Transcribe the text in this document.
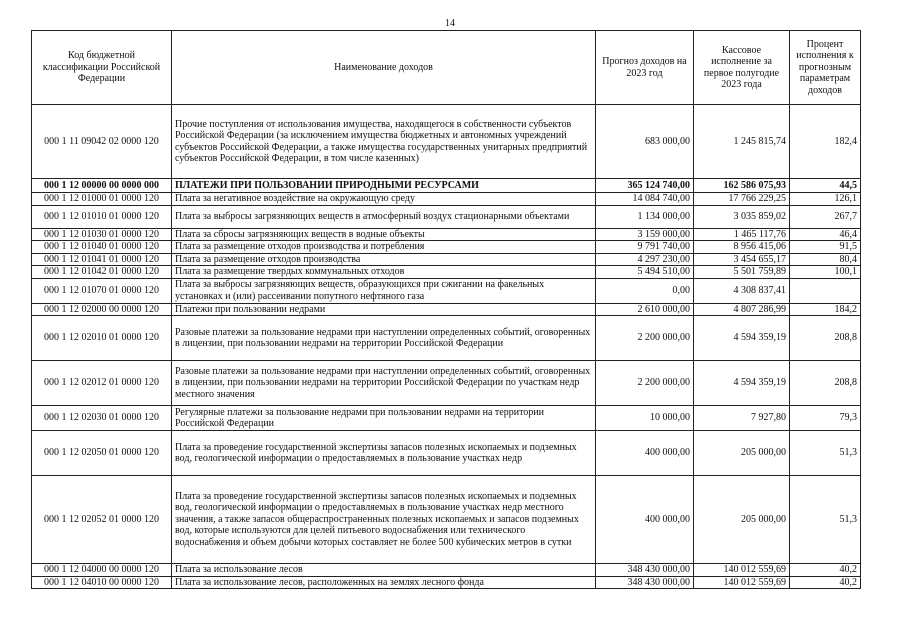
14
Код бюджетной классификации Российской Федерации	Наименование доходов	Прогноз доходов на 2023 год	Кассовое исполнение за первое полугодие 2023 года	Процент исполнения к прогнозным параметрам доходов
000 1 11 09042 02 0000 120	Прочие поступления от использования имущества, находящегося в собственности субъектов Российской Федерации (за исключением имущества бюджетных и автономных учреждений субъектов Российской Федерации, а также имущества государственных унитарных предприятий субъектов Российской Федерации, в том числе казенных)	683 000,00	1 245 815,74	182,4
000 1 12 00000 00 0000 000	ПЛАТЕЖИ ПРИ ПОЛЬЗОВАНИИ ПРИРОДНЫМИ РЕСУРСАМИ	365 124 740,00	162 586 075,93	44,5
000 1 12 01000 01 0000 120	Плата за негативное воздействие на окружающую среду	14 084 740,00	17 766 229,25	126,1
000 1 12 01010 01 0000 120	Плата за выбросы загрязняющих веществ в атмосферный воздух стационарными объектами	1 134 000,00	3 035 859,02	267,7
000 1 12 01030 01 0000 120	Плата за сбросы загрязняющих веществ в водные объекты	3 159 000,00	1 465 117,76	46,4
000 1 12 01040 01 0000 120	Плата за размещение отходов производства и потребления	9 791 740,00	8 956 415,06	91,5
000 1 12 01041 01 0000 120	Плата за размещение отходов производства	4 297 230,00	3 454 655,17	80,4
000 1 12 01042 01 0000 120	Плата за размещение твердых коммунальных отходов	5 494 510,00	5 501 759,89	100,1
000 1 12 01070 01 0000 120	Плата за выбросы загрязняющих веществ, образующихся при сжигании на факельных установках и (или) рассеивании попутного нефтяного газа	0,00	4 308 837,41	
000 1 12 02000 00 0000 120	Платежи при пользовании недрами	2 610 000,00	4 807 286,99	184,2
000 1 12 02010 01 0000 120	Разовые платежи за пользование недрами при наступлении определенных событий, оговоренных в лицензии, при пользовании недрами на территории Российской Федерации	2 200 000,00	4 594 359,19	208,8
000 1 12 02012 01 0000 120	Разовые платежи за пользование недрами при наступлении определенных событий, оговоренных в лицензии, при пользовании недрами на территории Российской Федерации по участкам недр местного значения	2 200 000,00	4 594 359,19	208,8
000 1 12 02030 01 0000 120	Регулярные платежи за пользование недрами при пользовании недрами на территории Российской Федерации	10 000,00	7 927,80	79,3
000 1 12 02050 01 0000 120	Плата за проведение государственной экспертизы запасов полезных ископаемых и подземных вод, геологической информации о предоставляемых в пользование участках недр	400 000,00	205 000,00	51,3
000 1 12 02052 01 0000 120	Плата за проведение государственной экспертизы запасов полезных ископаемых и подземных вод, геологической информации о предоставляемых в пользование участках недр местного значения, а также запасов общераспространенных полезных ископаемых и запасов подземных вод, которые используются для целей питьевого водоснабжения или технического водоснабжения и объем добычи которых составляет не более 500 кубических метров в сутки	400 000,00	205 000,00	51,3
000 1 12 04000 00 0000 120	Плата за использование лесов	348 430 000,00	140 012 559,69	40,2
000 1 12 04010 00 0000 120	Плата за использование лесов, расположенных на землях лесного фонда	348 430 000,00	140 012 559,69	40,2
